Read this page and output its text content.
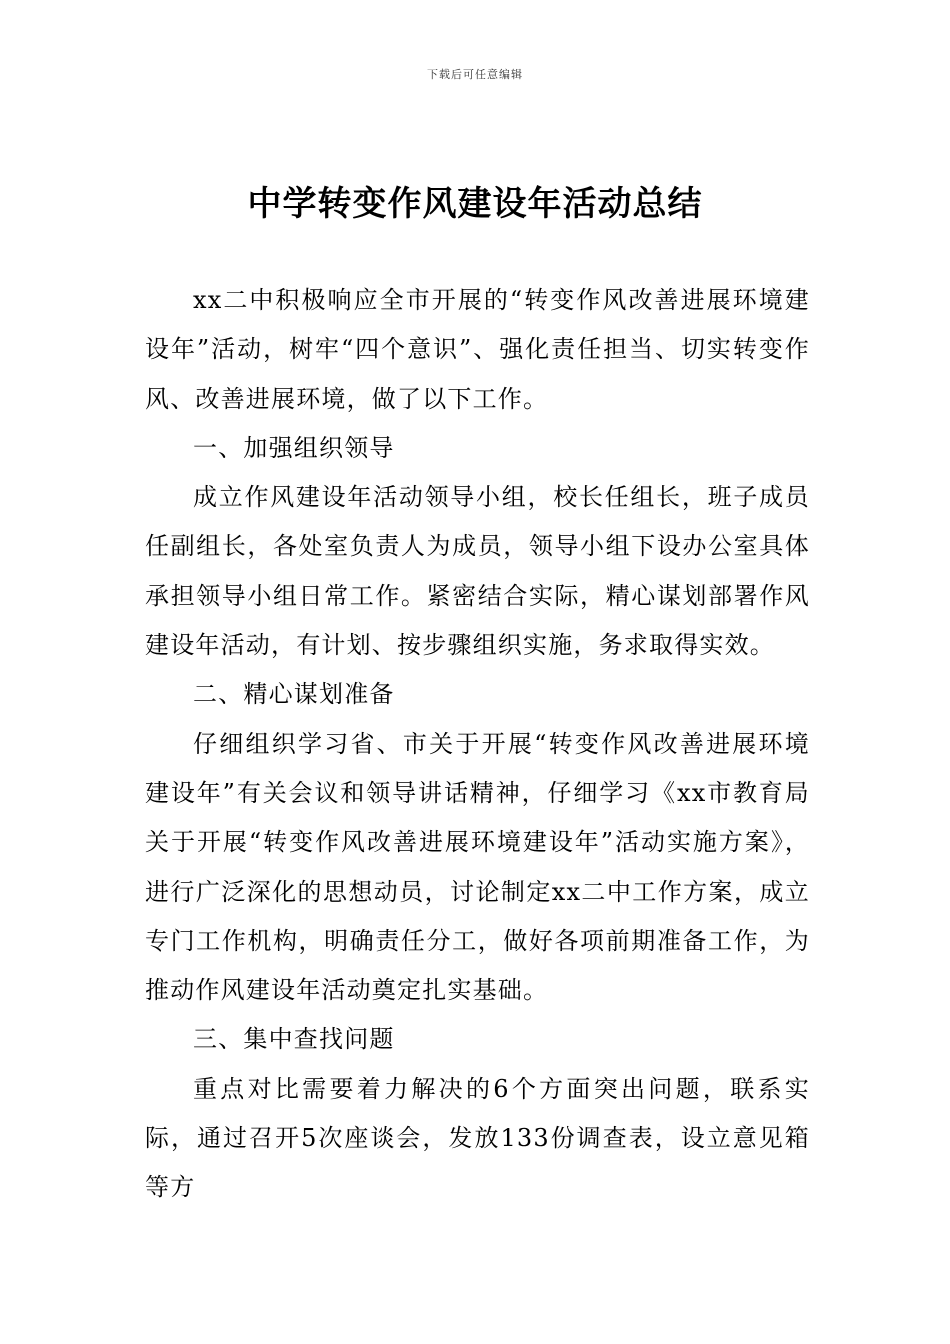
下载后可任意编辑
中学转变作风建设年活动总结

xx二中积极响应全市开展的“转变作风改善进展环境建设年”活动，树牢“四个意识”、强化责任担当、切实转变作风、改善进展环境，做了以下工作。

一、加强组织领导

成立作风建设年活动领导小组，校长任组长，班子成员任副组长，各处室负责人为成员，领导小组下设办公室具体承担领导小组日常工作。紧密结合实际，精心谋划部署作风建设年活动，有计划、按步骤组织实施，务求取得实效。

二、精心谋划准备

仔细组织学习省、市关于开展“转变作风改善进展环境建设年”有关会议和领导讲话精神，仔细学习《xx市教育局关于开展“转变作风改善进展环境建设年”活动实施方案》，进行广泛深化的思想动员，讨论制定xx二中工作方案，成立专门工作机构，明确责任分工，做好各项前期准备工作，为推动作风建设年活动奠定扎实基础。

三、集中查找问题

重点对比需要着力解决的6个方面突出问题，联系实际，通过召开5次座谈会，发放133份调查表，设立意见箱等方
